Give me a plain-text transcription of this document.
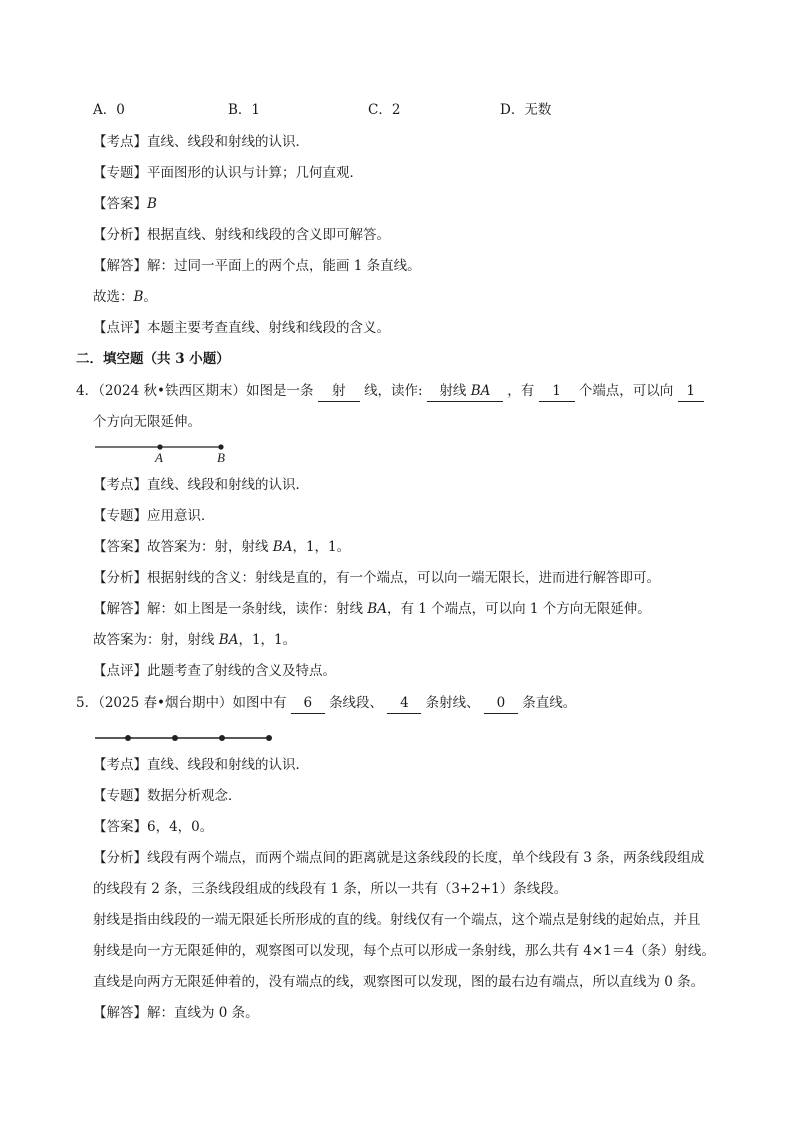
A．0	B．1	C．2	D．无数
【考点】直线、线段和射线的认识．
【专题】平面图形的认识与计算；几何直观．
【答案】B
【分析】根据直线、射线和线段的含义即可解答。
【解答】解：过同一平面上的两个点，能画 1 条直线。
故选：B。
【点评】本题主要考查直线、射线和线段的含义。
二．填空题（共 3 小题）
4．（2024 秋•铁西区期末）如图是一条 射 线，读作: 射线 BA ，有 1 个端点，可以向 1
个方向无限延伸。
A	B
【考点】直线、线段和射线的认识．
【专题】应用意识．
【答案】故答案为：射，射线 BA，1，1。
【分析】根据射线的含义：射线是直的，有一个端点，可以向一端无限长，进而进行解答即可。
【解答】解：如上图是一条射线，读作：射线 BA，有 1 个端点，可以向 1 个方向无限延伸。
故答案为：射，射线 BA，1，1。
【点评】此题考查了射线的含义及特点。
5．（2025 春•烟台期中）如图中有 6 条线段、 4 条射线、 0 条直线。
【考点】直线、线段和射线的认识．
【专题】数据分析观念．
【答案】6，4，0。
【分析】线段有两个端点，而两个端点间的距离就是这条线段的长度，单个线段有 3 条，两条线段组成
的线段有 2 条，三条线段组成的线段有 1 条，所以一共有（3+2+1）条线段。
射线是指由线段的一端无限延长所形成的直的线。射线仅有一个端点，这个端点是射线的起始点，并且
射线是向一方无限延伸的，观察图可以发现，每个点可以形成一条射线，那么共有 4×1＝4（条）射线。
直线是向两方无限延伸着的，没有端点的线，观察图可以发现，图的最右边有端点，所以直线为 0 条。
【解答】解：直线为 0 条。
